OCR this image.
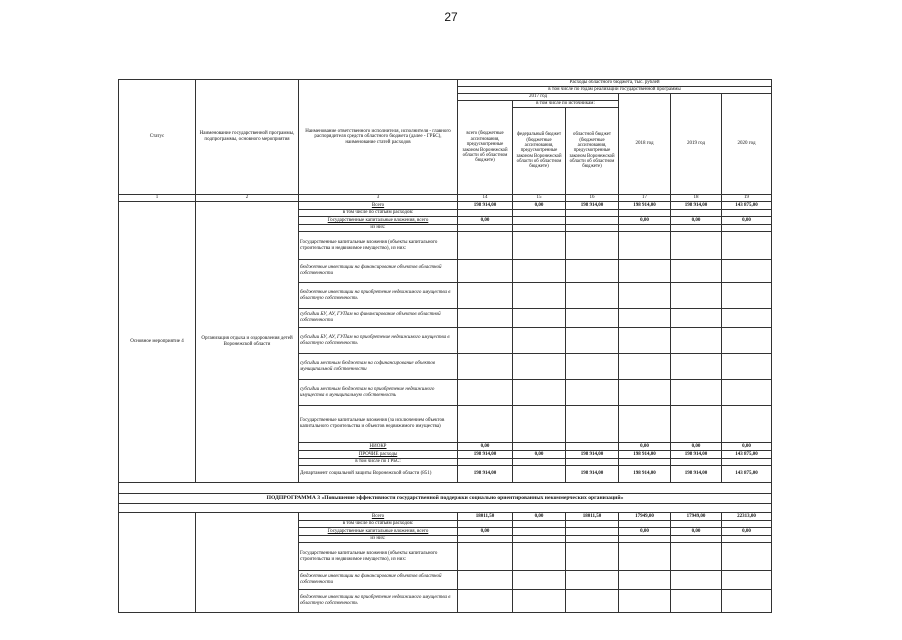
27
Статус	Наименование государственной программы, подпрограммы, основного мероприятия	Наименование ответственного исполнителя, исполнителя - главного распорядителя средств областного бюджета (далее - ГРБС), наименование статей расходов	Расходы областного бюджета, тыс. рублей					
			в том числе по годам реализации государственной программы					
			2017 год			2018 год	2019 год	2020 год
			всего (бюджетные ассигнования, предусмотренные законом Воронежской области об областном бюджете)	в том числе по источникам:				
				федеральный бюджет (бюджетные ассигнования, предусмотренные законом Воронежской области об областном бюджете)	областной бюджет (бюджетные ассигнования, предусмотренные законом Воронежской области об областном бюджете)			
1	2	3	14	15	16	17	18	19
Основное мероприятие 4	Организация отдыха и оздоровления детей Воронежской области	Всего	198 914,00	0,00	198 914,00	198 914,00	198 914,00	143 875,00
		в том числе по статьям расходов:						
		Государственные капитальные вложения, всего	0,00			0,00	0,00	0,00
		из них:						
		Государственные капитальные вложения (объекты капитального строительства и недвижимое имущество), из них:						
		бюджетные инвестиции на финансирование объектов областной собственности						
		бюджетные инвестиции на приобретение недвижимого имущества в областную собственность						
		субсидии БУ, АУ, ГУПам на финансирование объектов областной собственности						
		субсидии БУ, АУ, ГУПам на приобретение недвижимого имущества в областную собственность						
		субсидии местным бюджетам на софинансирование объектов муниципальной собственности						
		субсидии местным бюджетам на приобретение недвижимого имущества в муниципальную собственность						
		Государственные капитальные вложения (за исключением объектов капитального строительства и объектов недвижимого имущества)						
		НИОКР	0,00			0,00	0,00	0,00
		ПРОЧИЕ расходы	198 914,00	0,00	198 914,00	198 914,00	198 914,00	143 875,00
		в том числе по ГРБС:						
		Департамент социальной защиты Воронежской области (851)	198 914,00		198 914,00	198 914,00	198 914,00	143 875,00

ПОДПРОГРАММА 3 «Повышение эффективности государственной поддержки социально ориентированных некоммерческих организаций»								

		Всего	18011,50	0,00	18011,50	17949,00	17949,00	22313,00
		в том числе по статьям расходов:						
		Государственные капитальные вложения, всего	0,00			0,00	0,00	0,00
		из них:						
		Государственные капитальные вложения (объекты капитального строительства и недвижимое имущество), из них:						
		бюджетные инвестиции на финансирование объектов областной собственности						
		бюджетные инвестиции на приобретение недвижимого имущества в областную собственность						
